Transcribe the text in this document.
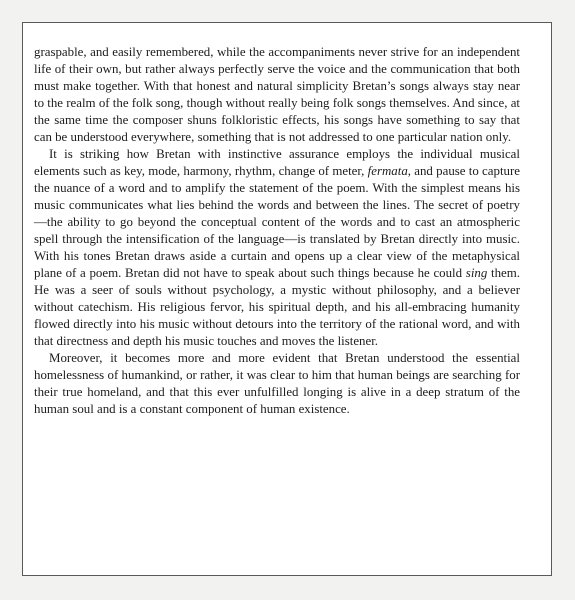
graspable, and easily remembered, while the accompaniments never strive for an independent life of their own, but rather always perfectly serve the voice and the communication that both must make together. With that honest and natural simplicity Bretan’s songs always stay near to the realm of the folk song, though without really being folk songs themselves. And since, at the same time the composer shuns folkloristic effects, his songs have something to say that can be understood everywhere, something that is not addressed to one particular nation only.

It is striking how Bretan with instinctive assurance employs the individual musical elements such as key, mode, harmony, rhythm, change of meter, fermata, and pause to capture the nuance of a word and to amplify the statement of the poem. With the simplest means his music communicates what lies behind the words and between the lines. The secret of poetry—the ability to go beyond the conceptual content of the words and to cast an atmospheric spell through the intensification of the language—is translated by Bretan directly into music. With his tones Bretan draws aside a curtain and opens up a clear view of the metaphysical plane of a poem. Bretan did not have to speak about such things because he could sing them. He was a seer of souls without psychology, a mystic without philosophy, and a believer without catechism. His religious fervor, his spiritual depth, and his all-embracing humanity flowed directly into his music without detours into the territory of the rational word, and with that directness and depth his music touches and moves the listener.

Moreover, it becomes more and more evident that Bretan understood the essential homelessness of humankind, or rather, it was clear to him that human beings are searching for their true homeland, and that this ever unfulfilled longing is alive in a deep stratum of the human soul and is a constant component of human existence.
